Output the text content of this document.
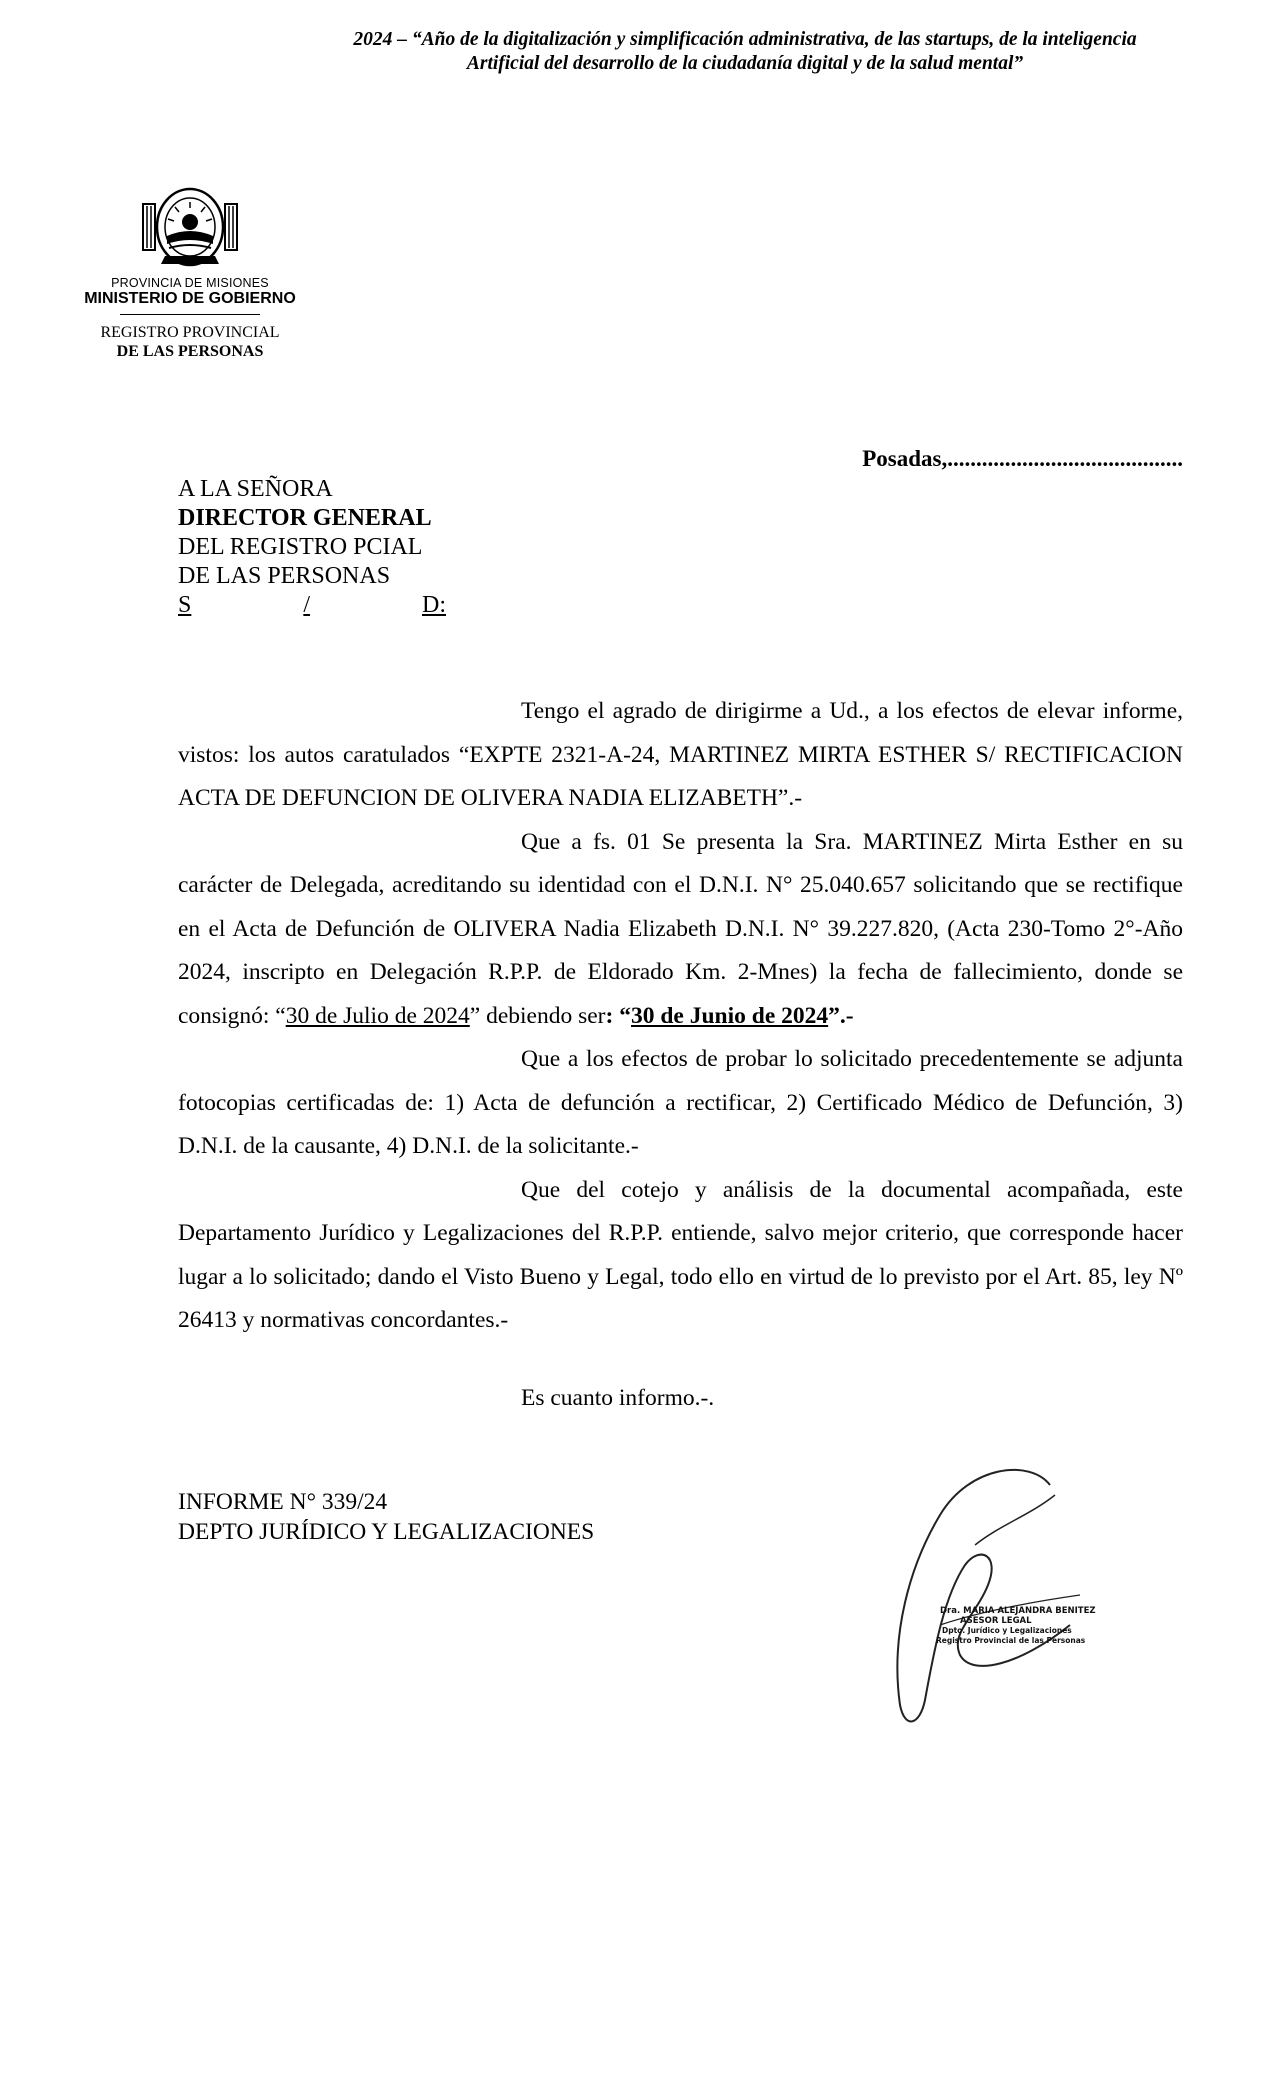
2024 – “Año de la digitalización y simplificación administrativa, de las startups, de la inteligencia
Artificial del desarrollo de la ciudadanía digital y de la salud mental”
PROVINCIA DE MISIONES
MINISTERIO DE GOBIERNO
REGISTRO PROVINCIAL
DE LAS PERSONAS
Posadas,.........................................
A LA SEÑORA
DIRECTOR GENERAL
DEL REGISTRO PCIAL
DE LAS PERSONAS
S	/	D:

Tengo el agrado de dirigirme a Ud., a los efectos de elevar informe, vistos: los autos caratulados “EXPTE 2321-A-24, MARTINEZ MIRTA ESTHER S/ RECTIFICACION ACTA DE DEFUNCION DE OLIVERA NADIA ELIZABETH”.-

Que a fs. 01 Se presenta la Sra. MARTINEZ Mirta Esther en su carácter de Delegada, acreditando su identidad con el D.N.I. N° 25.040.657 solicitando que se rectifique en el Acta de Defunción de OLIVERA Nadia Elizabeth D.N.I. N° 39.227.820, (Acta 230-Tomo 2°-Año 2024, inscripto en Delegación R.P.P. de Eldorado Km. 2-Mnes) la fecha de fallecimiento, donde se consignó: “30 de Julio de 2024” debiendo ser: “30 de Junio de 2024”.-

Que a los efectos de probar lo solicitado precedentemente se adjunta fotocopias certificadas de: 1) Acta de defunción a rectificar, 2) Certificado Médico de Defunción, 3) D.N.I. de la causante, 4) D.N.I. de la solicitante.-

Que del cotejo y análisis de la documental acompañada, este Departamento Jurídico y Legalizaciones del R.P.P. entiende, salvo mejor criterio, que corresponde hacer lugar a lo solicitado; dando el Visto Bueno y Legal, todo ello en virtud de lo previsto por el Art. 85, ley Nº 26413 y normativas concordantes.-

Es cuanto informo.-.
INFORME N° 339/24
DEPTO JURÍDICO Y LEGALIZACIONES
Dra. MARIA ALEJANDRA BENITEZ
ASESOR LEGAL
Dpto. Jurídico y Legalizaciones
Registro Provincial de las Personas
